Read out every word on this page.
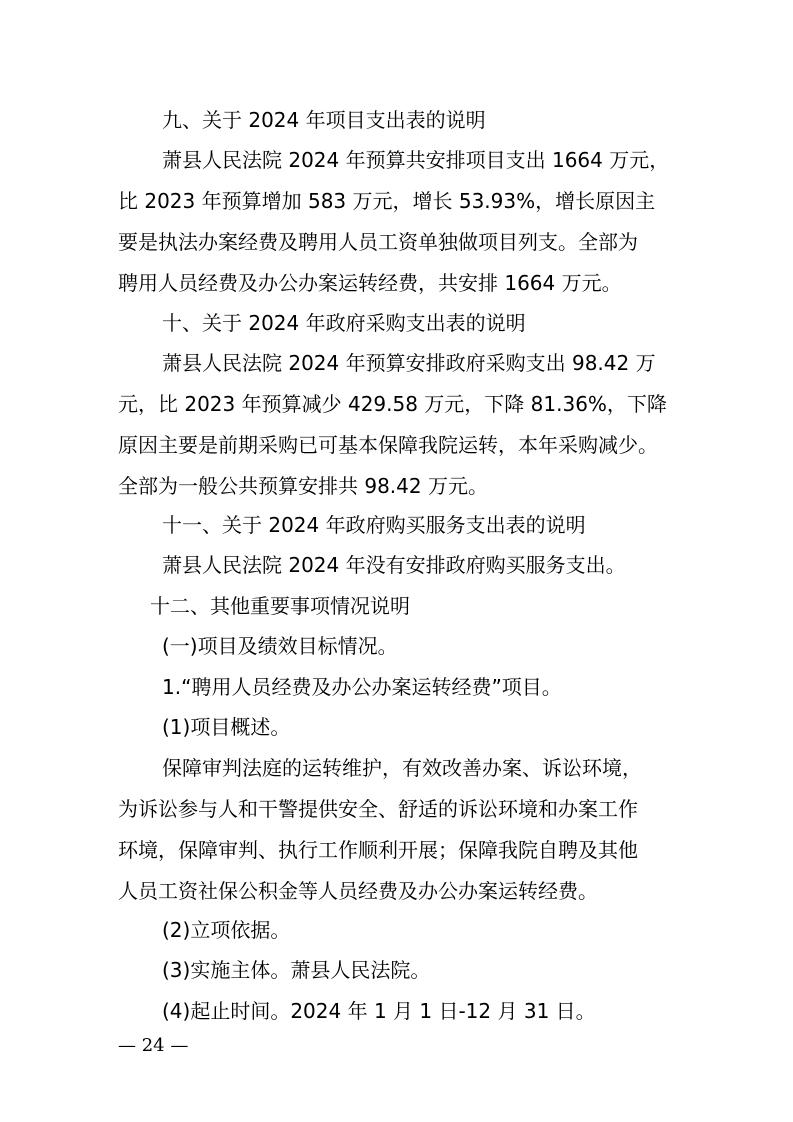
九、关于 2024 年项目支出表的说明
萧县人民法院 2024 年预算共安排项目支出 1664 万元，
比 2023 年预算增加 583 万元，增长 53.93%，增长原因主
要是执法办案经费及聘用人员工资单独做项目列支。全部为
聘用人员经费及办公办案运转经费，共安排 1664 万元。
十、关于 2024 年政府采购支出表的说明
萧县人民法院 2024 年预算安排政府采购支出 98.42 万
元，比 2023 年预算减少 429.58 万元，下降 81.36%，下降
原因主要是前期采购已可基本保障我院运转，本年采购减少。
全部为一般公共预算安排共 98.42 万元。
十一、关于 2024 年政府购买服务支出表的说明
萧县人民法院 2024 年没有安排政府购买服务支出。
十二、其他重要事项情况说明
(一)项目及绩效目标情况。
1.“聘用人员经费及办公办案运转经费”项目。
(1)项目概述。
保障审判法庭的运转维护，有效改善办案、诉讼环境，
为诉讼参与人和干警提供安全、舒适的诉讼环境和办案工作
环境，保障审判、执行工作顺利开展；保障我院自聘及其他
人员工资社保公积金等人员经费及办公办案运转经费。
(2)立项依据。
(3)实施主体。萧县人民法院。
(4)起止时间。2024 年 1 月 1 日-12 月 31 日。
— 24 —
